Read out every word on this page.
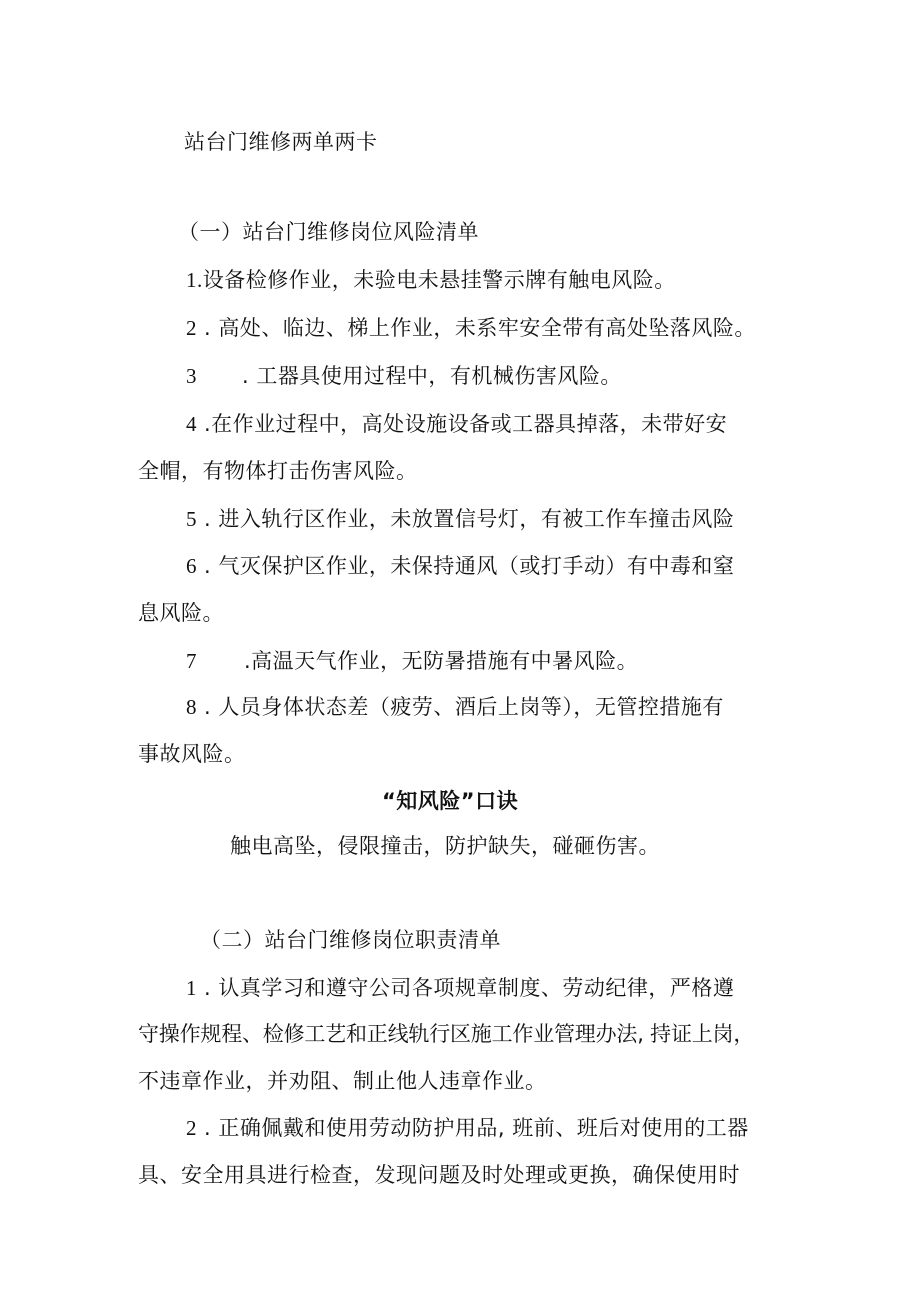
站台门维修两单两卡
（一）站台门维修岗位风险清单
1.设备检修作业，未验电未悬挂警示牌有触电风险。
2 . 高处、临边、梯上作业，未系牢安全带有高处坠落风险。
3 . 工器具使用过程中，有机械伤害风险。
4 .在作业过程中，高处设施设备或工器具掉落，未带好安
全帽，有物体打击伤害风险。
5 . 进入轨行区作业，未放置信号灯，有被工作车撞击风险
6 . 气灭保护区作业，未保持通风（或打手动）有中毒和窒
息风险。
7 .高温天气作业，无防暑措施有中暑风险。
8 . 人员身体状态差（疲劳、酒后上岗等），无管控措施有
事故风险。
“知风险”口诀
触电高坠，侵限撞击，防护缺失，碰砸伤害。
（二）站台门维修岗位职责清单
1 . 认真学习和遵守公司各项规章制度、劳动纪律，严格遵
守操作规程、检修工艺和正线轨行区施工作业管理办法, 持证上岗，
不违章作业，并劝阻、制止他人违章作业。
2 . 正确佩戴和使用劳动防护用品, 班前、班后对使用的工器
具、安全用具进行检查，发现问题及时处理或更换，确保使用时
